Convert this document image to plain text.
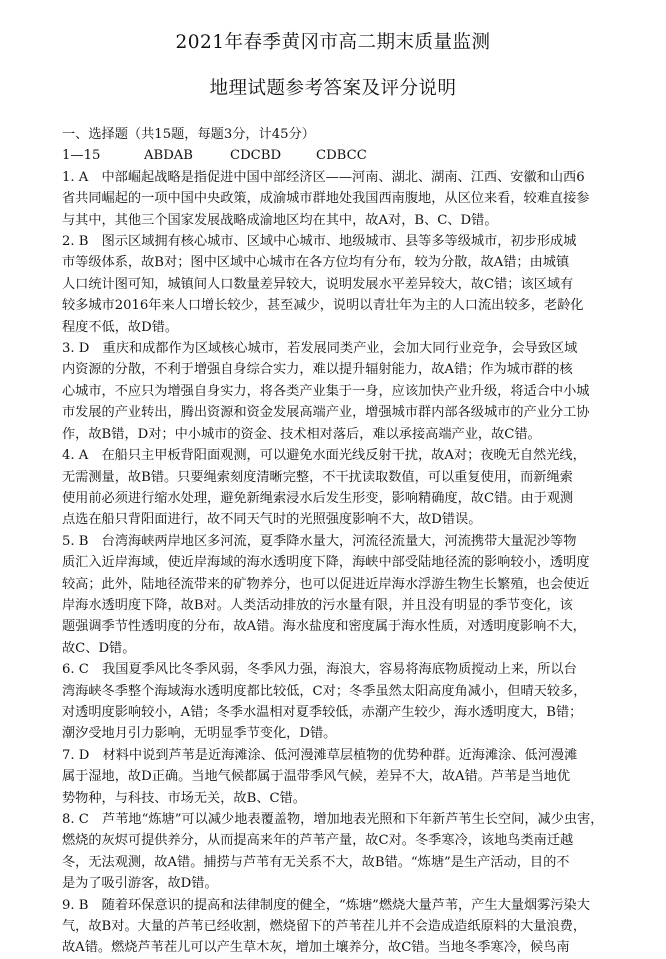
2021年春季黄冈市高二期末质量监测
地理试题参考答案及评分说明
一、选择题（共15题，每题3分，计45分）
1—15	ABDAB	CDCBD	CDBCC
1. A　中部崛起战略是指促进中国中部经济区——河南、湖北、湖南、江西、安徽和山西6
省共同崛起的一项中国中央政策，成渝城市群地处我国西南腹地，从区位来看，较难直接参
与其中，其他三个国家发展战略成渝地区均在其中，故A对，B、C、D错。
2. B　图示区域拥有核心城市、区域中心城市、地级城市、县等多等级城市，初步形成城
市等级体系，故B对；图中区域中心城市在各方位均有分布，较为分散，故A错；由城镇
人口统计图可知，城镇间人口数量差异较大，说明发展水平差异较大，故C错；该区域有
较多城市2016年来人口增长较少，甚至减少，说明以青壮年为主的人口流出较多，老龄化
程度不低，故D错。
3. D　重庆和成都作为区域核心城市，若发展同类产业，会加大同行业竞争，会导致区域
内资源的分散，不利于增强自身综合实力，难以提升辐射能力，故A错；作为城市群的核
心城市，不应只为增强自身实力，将各类产业集于一身，应该加快产业升级，将适合中小城
市发展的产业转出，腾出资源和资金发展高端产业，增强城市群内部各级城市的产业分工协
作，故B错，D对；中小城市的资金、技术相对落后，难以承接高端产业，故C错。
4. A　在船只主甲板背阳面观测，可以避免水面光线反射干扰，故A对；夜晚无自然光线，
无需测量，故B错。只要绳索刻度清晰完整，不干扰读取数值，可以重复使用，而新绳索
使用前必须进行缩水处理，避免新绳索浸水后发生形变，影响精确度，故C错。由于观测
点选在船只背阳面进行，故不同天气时的光照强度影响不大，故D错误。
5. B　台湾海峡两岸地区多河流，夏季降水量大，河流径流量大，河流携带大量泥沙等物
质汇入近岸海域，使近岸海域的海水透明度下降，海峡中部受陆地径流的影响较小，透明度
较高；此外，陆地径流带来的矿物养分，也可以促进近岸海水浮游生物生长繁殖，也会使近
岸海水透明度下降，故B对。人类活动排放的污水量有限，并且没有明显的季节变化，该
题强调季节性透明度的分布，故A错。海水盐度和密度属于海水性质，对透明度影响不大，
故C、D错。
6. C　我国夏季风比冬季风弱，冬季风力强，海浪大，容易将海底物质搅动上来，所以台
湾海峡冬季整个海域海水透明度都比较低，C对；冬季虽然太阳高度角减小，但晴天较多，
对透明度影响较小，A错；冬季水温相对夏季较低，赤潮产生较少，海水透明度大，B错；
潮汐受地月引力影响，无明显季节变化，D错。
7. D　材料中说到芦苇是近海滩涂、低河漫滩草层植物的优势种群。近海滩涂、低河漫滩
属于湿地，故D正确。当地气候都属于温带季风气候，差异不大，故A错。芦苇是当地优
势物种，与科技、市场无关，故B、C错。
8. C　芦苇地“炼塘”可以减少地表覆盖物，增加地表光照和下年新芦苇生长空间，减少虫害，
燃烧的灰烬可提供养分，从而提高来年的芦苇产量，故C对。冬季寒冷，该地鸟类南迁越
冬，无法观测，故A错。捕捞与芦苇有无关系不大，故B错。“炼塘”是生产活动，目的不
是为了吸引游客，故D错。
9. B　随着环保意识的提高和法律制度的健全，“炼塘”燃烧大量芦苇，产生大量烟雾污染大
气，故B对。大量的芦苇已经收割，燃烧留下的芦苇茬儿并不会造成造纸原料的大量浪费，
故A错。燃烧芦苇茬儿可以产生草木灰，增加土壤养分，故C错。当地冬季寒冷，候鸟南
